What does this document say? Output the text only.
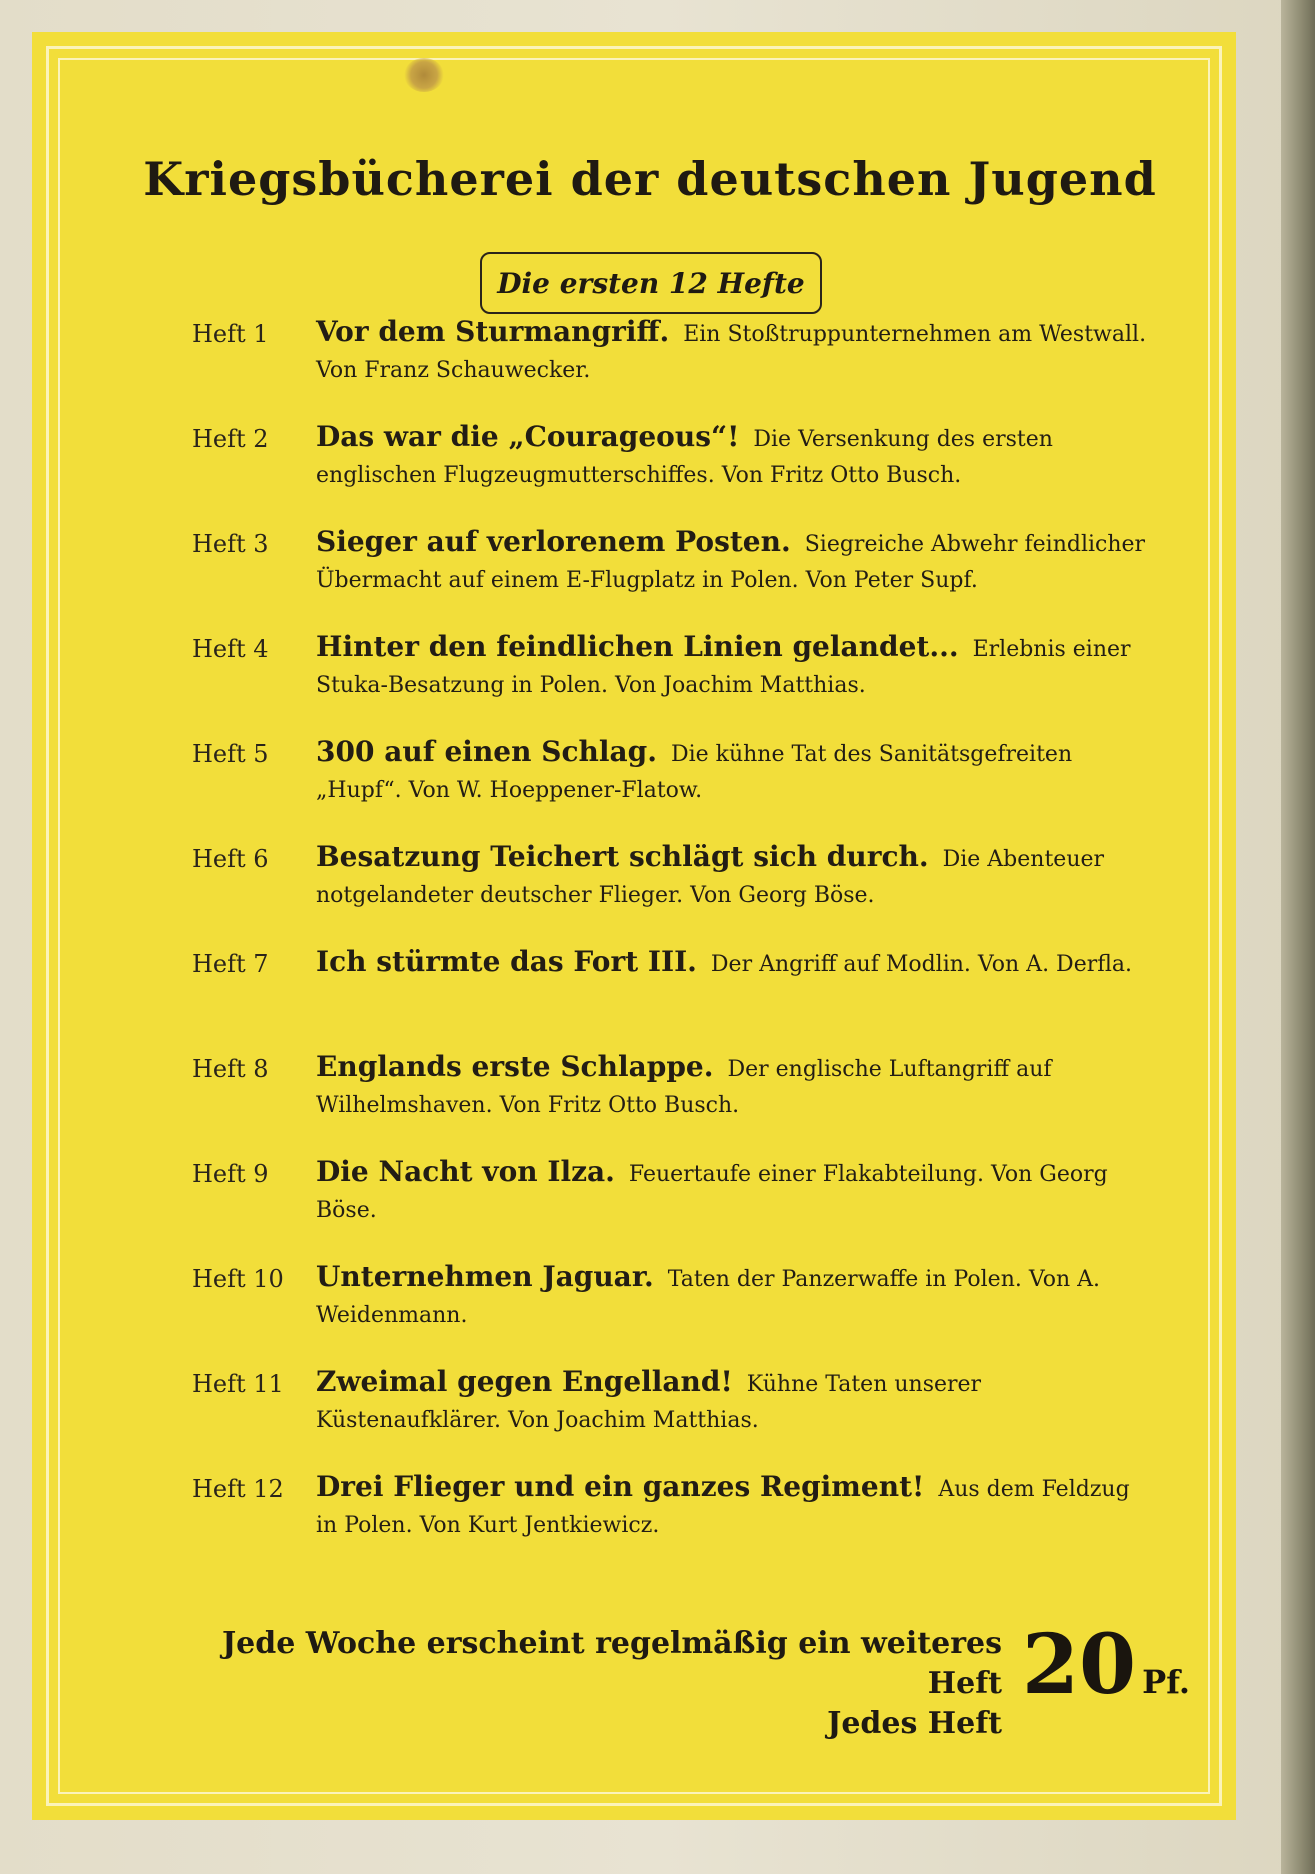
Kriegsbücherei der deutschen Jugend
Die ersten 12 Hefte
Heft 1 Vor dem Sturmangriff. Ein Stoßtruppunternehmen am Westwall. Von Franz Schauwecker.
Heft 2 Das war die „Courageous“! Die Versenkung des ersten englischen Flugzeugmutterschiffes. Von Fritz Otto Busch.
Heft 3 Sieger auf verlorenem Posten. Siegreiche Abwehr feindlicher Übermacht auf einem E-Flugplatz in Polen. Von Peter Supf.
Heft 4 Hinter den feindlichen Linien gelandet... Erlebnis einer Stuka-Besatzung in Polen. Von Joachim Matthias.
Heft 5 300 auf einen Schlag. Die kühne Tat des Sanitätsgefreiten „Hupf“. Von W. Hoeppener-Flatow.
Heft 6 Besatzung Teichert schlägt sich durch. Die Abenteuer notgelandeter deutscher Flieger. Von Georg Böse.
Heft 7 Ich stürmte das Fort III. Der Angriff auf Modlin. Von A. Derfla.
Heft 8 Englands erste Schlappe. Der englische Luftangriff auf Wilhelmshaven. Von Fritz Otto Busch.
Heft 9 Die Nacht von Ilza. Feuertaufe einer Flakabteilung. Von Georg Böse.
Heft 10 Unternehmen Jaguar. Taten der Panzerwaffe in Polen. Von A. Weidenmann.
Heft 11 Zweimal gegen Engelland! Kühne Taten unserer Küstenaufklärer. Von Joachim Matthias.
Heft 12 Drei Flieger und ein ganzes Regiment! Aus dem Feldzug in Polen. Von Kurt Jentkiewicz.
Jede Woche erscheint regelmäßig ein weiteres Heft
Jedes Heft
20 Pf.
